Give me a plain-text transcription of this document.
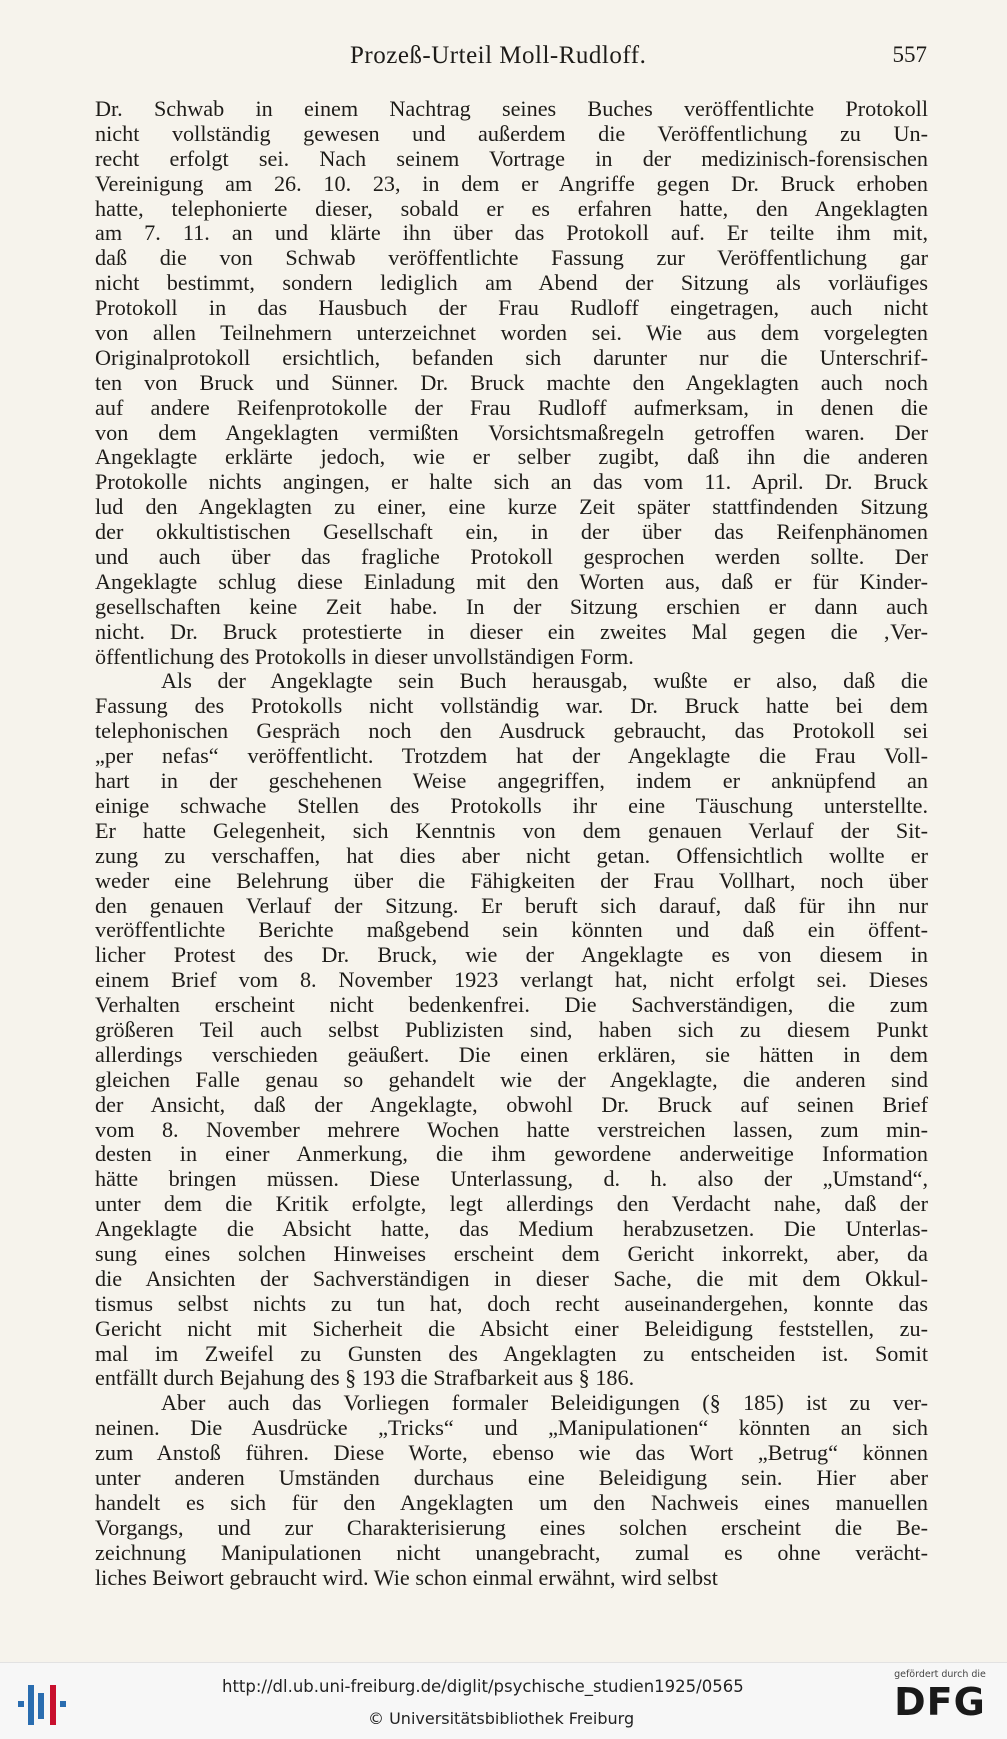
Prozeß-Urteil Moll-Rudloff.	557
Dr. Schwab in einem Nachtrag seines Buches veröffentlichte Protokoll
nicht vollständig gewesen und außerdem die Veröffentlichung zu Un-
recht erfolgt sei. Nach seinem Vortrage in der medizinisch-forensischen
Vereinigung am 26. 10. 23, in dem er Angriffe gegen Dr. Bruck erhoben
hatte, telephonierte dieser, sobald er es erfahren hatte, den Angeklagten
am 7. 11. an und klärte ihn über das Protokoll auf. Er teilte ihm mit,
daß die von Schwab veröffentlichte Fassung zur Veröffentlichung gar
nicht bestimmt, sondern lediglich am Abend der Sitzung als vorläufiges
Protokoll in das Hausbuch der Frau Rudloff eingetragen, auch nicht
von allen Teilnehmern unterzeichnet worden sei. Wie aus dem vorgelegten
Originalprotokoll ersichtlich, befanden sich darunter nur die Unterschrif-
ten von Bruck und Sünner. Dr. Bruck machte den Angeklagten auch noch
auf andere Reifenprotokolle der Frau Rudloff aufmerksam, in denen die
von dem Angeklagten vermißten Vorsichtsmaßregeln getroffen waren. Der
Angeklagte erklärte jedoch, wie er selber zugibt, daß ihn die anderen
Protokolle nichts angingen, er halte sich an das vom 11. April. Dr. Bruck
lud den Angeklagten zu einer, eine kurze Zeit später stattfindenden Sitzung
der okkultistischen Gesellschaft ein, in der über das Reifenphänomen
und auch über das fragliche Protokoll gesprochen werden sollte. Der
Angeklagte schlug diese Einladung mit den Worten aus, daß er für Kinder-
gesellschaften keine Zeit habe. In der Sitzung erschien er dann auch
nicht. Dr. Bruck protestierte in dieser ein zweites Mal gegen die ‚Ver-
öffentlichung des Protokolls in dieser unvollständigen Form.
Als der Angeklagte sein Buch herausgab, wußte er also, daß die
Fassung des Protokolls nicht vollständig war. Dr. Bruck hatte bei dem
telephonischen Gespräch noch den Ausdruck gebraucht, das Protokoll sei
„per nefas“ veröffentlicht. Trotzdem hat der Angeklagte die Frau Voll-
hart in der geschehenen Weise angegriffen, indem er anknüpfend an
einige schwache Stellen des Protokolls ihr eine Täuschung unterstellte.
Er hatte Gelegenheit, sich Kenntnis von dem genauen Verlauf der Sit-
zung zu verschaffen, hat dies aber nicht getan. Offensichtlich wollte er
weder eine Belehrung über die Fähigkeiten der Frau Vollhart, noch über
den genauen Verlauf der Sitzung. Er beruft sich darauf, daß für ihn nur
veröffentlichte Berichte maßgebend sein könnten und daß ein öffent-
licher Protest des Dr. Bruck, wie der Angeklagte es von diesem in
einem Brief vom 8. November 1923 verlangt hat, nicht erfolgt sei. Dieses
Verhalten erscheint nicht bedenkenfrei. Die Sachverständigen, die zum
größeren Teil auch selbst Publizisten sind, haben sich zu diesem Punkt
allerdings verschieden geäußert. Die einen erklären, sie hätten in dem
gleichen Falle genau so gehandelt wie der Angeklagte, die anderen sind
der Ansicht, daß der Angeklagte, obwohl Dr. Bruck auf seinen Brief
vom 8. November mehrere Wochen hatte verstreichen lassen, zum min-
desten in einer Anmerkung, die ihm gewordene anderweitige Information
hätte bringen müssen. Diese Unterlassung, d. h. also der „Umstand“,
unter dem die Kritik erfolgte, legt allerdings den Verdacht nahe, daß der
Angeklagte die Absicht hatte, das Medium herabzusetzen. Die Unterlas-
sung eines solchen Hinweises erscheint dem Gericht inkorrekt, aber, da
die Ansichten der Sachverständigen in dieser Sache, die mit dem Okkul-
tismus selbst nichts zu tun hat, doch recht auseinandergehen, konnte das
Gericht nicht mit Sicherheit die Absicht einer Beleidigung feststellen, zu-
mal im Zweifel zu Gunsten des Angeklagten zu entscheiden ist. Somit
entfällt durch Bejahung des § 193 die Strafbarkeit aus § 186.
Aber auch das Vorliegen formaler Beleidigungen (§ 185) ist zu ver-
neinen. Die Ausdrücke „Tricks“ und „Manipulationen“ könnten an sich
zum Anstoß führen. Diese Worte, ebenso wie das Wort „Betrug“ können
unter anderen Umständen durchaus eine Beleidigung sein. Hier aber
handelt es sich für den Angeklagten um den Nachweis eines manuellen
Vorgangs, und zur Charakterisierung eines solchen erscheint die Be-
zeichnung Manipulationen nicht unangebracht, zumal es ohne verächt-
liches Beiwort gebraucht wird. Wie schon einmal erwähnt, wird selbst
http://dl.ub.uni-freiburg.de/diglit/psychische_studien1925/0565
© Universitätsbibliothek Freiburg
gefördert durch die
DFG
